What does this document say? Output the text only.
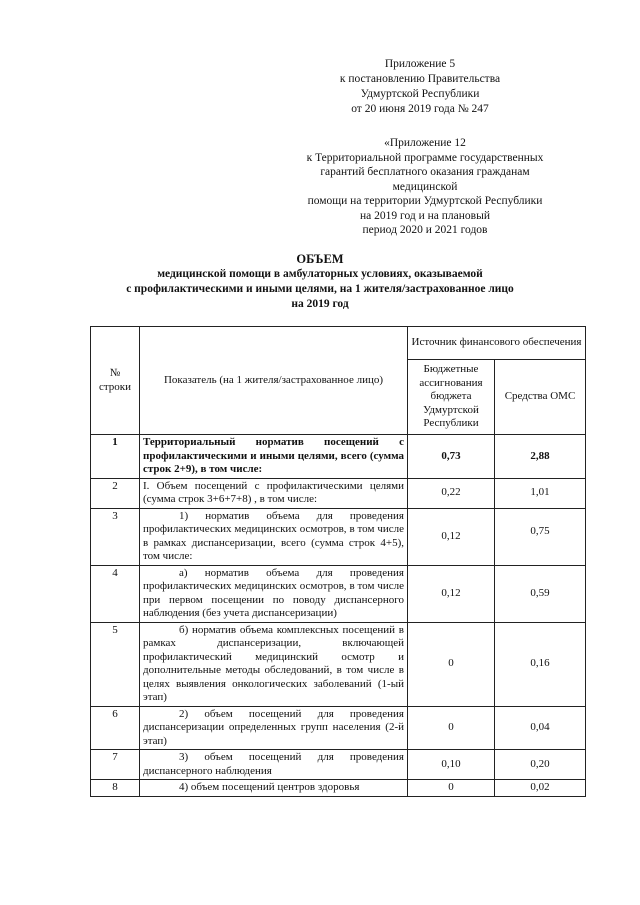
Приложение 5
к постановлению Правительства
Удмуртской Республики
от 20 июня 2019 года № 247
«Приложение 12
к Территориальной программе государственных
гарантий бесплатного оказания гражданам
медицинской
помощи на территории Удмуртской Республики
на 2019 год и на плановый
период 2020 и 2021 годов
ОБЪЕМ
медицинской помощи в амбулаторных условиях, оказываемой
с профилактическими и иными целями, на 1 жителя/застрахованное лицо
на 2019 год
№ строки	Показатель (на 1 жителя/застрахованное лицо)	Источник финансового обеспечения	
		Бюджетные ассигнования бюджета Удмуртской Республики	Средства ОМС
1	Территориальный норматив посещений с профилактическими и иными целями, всего (сумма строк 2+9), в том числе:	0,73	2,88
2	I. Объем посещений с профилактическими целями (сумма строк 3+6+7+8) , в том числе:	0,22	1,01
3	1) норматив объема для проведения профилактических медицинских осмотров, в том числе в рамках диспансеризации, всего (сумма строк 4+5), том числе:	0,12	0,75
4	а) норматив объема для проведения профилактических медицинских осмотров, в том числе при первом посещении по поводу диспансерного наблюдения (без учета диспансеризации)	0,12	0,59
5	б) норматив объема комплексных посещений в рамках диспансеризации, включающей профилактический медицинский осмотр и дополнительные методы обследований, в том числе в целях выявления онкологических заболеваний (1-ый этап)	0	0,16
6	2) объем посещений для проведения диспансеризации определенных групп населения (2-й этап)	0	0,04
7	3) объем посещений для проведения диспансерного наблюдения	0,10	0,20
8	4) объем посещений центров здоровья	0	0,02
